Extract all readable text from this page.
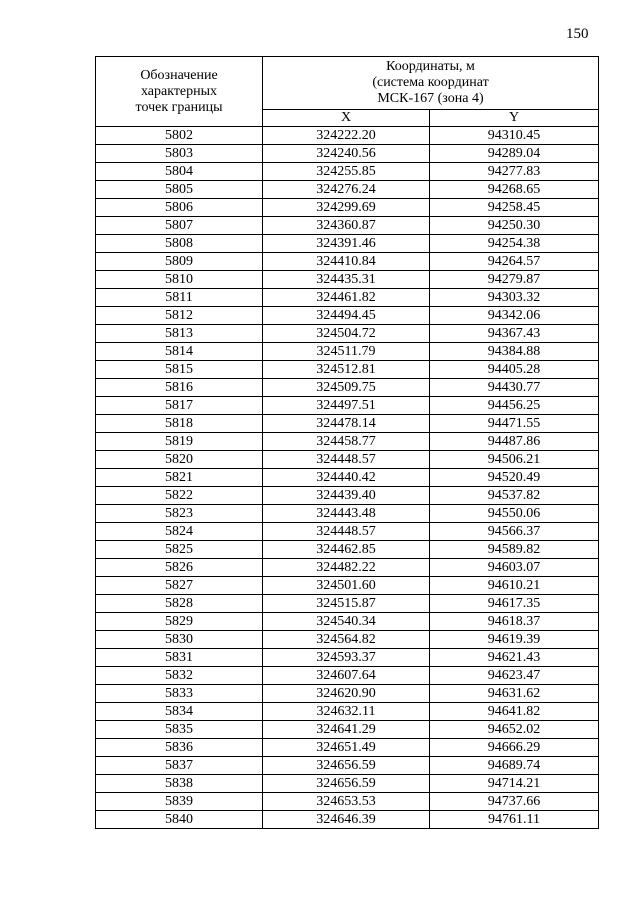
150
Обозначение
характерных
точек границы	Координаты, м
(система координат
МСК-167 (зона 4)	

	X	Y
5802	324222.20	94310.45
5803	324240.56	94289.04
5804	324255.85	94277.83
5805	324276.24	94268.65
5806	324299.69	94258.45
5807	324360.87	94250.30
5808	324391.46	94254.38
5809	324410.84	94264.57
5810	324435.31	94279.87
5811	324461.82	94303.32
5812	324494.45	94342.06
5813	324504.72	94367.43
5814	324511.79	94384.88
5815	324512.81	94405.28
5816	324509.75	94430.77
5817	324497.51	94456.25
5818	324478.14	94471.55
5819	324458.77	94487.86
5820	324448.57	94506.21
5821	324440.42	94520.49
5822	324439.40	94537.82
5823	324443.48	94550.06
5824	324448.57	94566.37
5825	324462.85	94589.82
5826	324482.22	94603.07
5827	324501.60	94610.21
5828	324515.87	94617.35
5829	324540.34	94618.37
5830	324564.82	94619.39
5831	324593.37	94621.43
5832	324607.64	94623.47
5833	324620.90	94631.62
5834	324632.11	94641.82
5835	324641.29	94652.02
5836	324651.49	94666.29
5837	324656.59	94689.74
5838	324656.59	94714.21
5839	324653.53	94737.66
5840	324646.39	94761.11
